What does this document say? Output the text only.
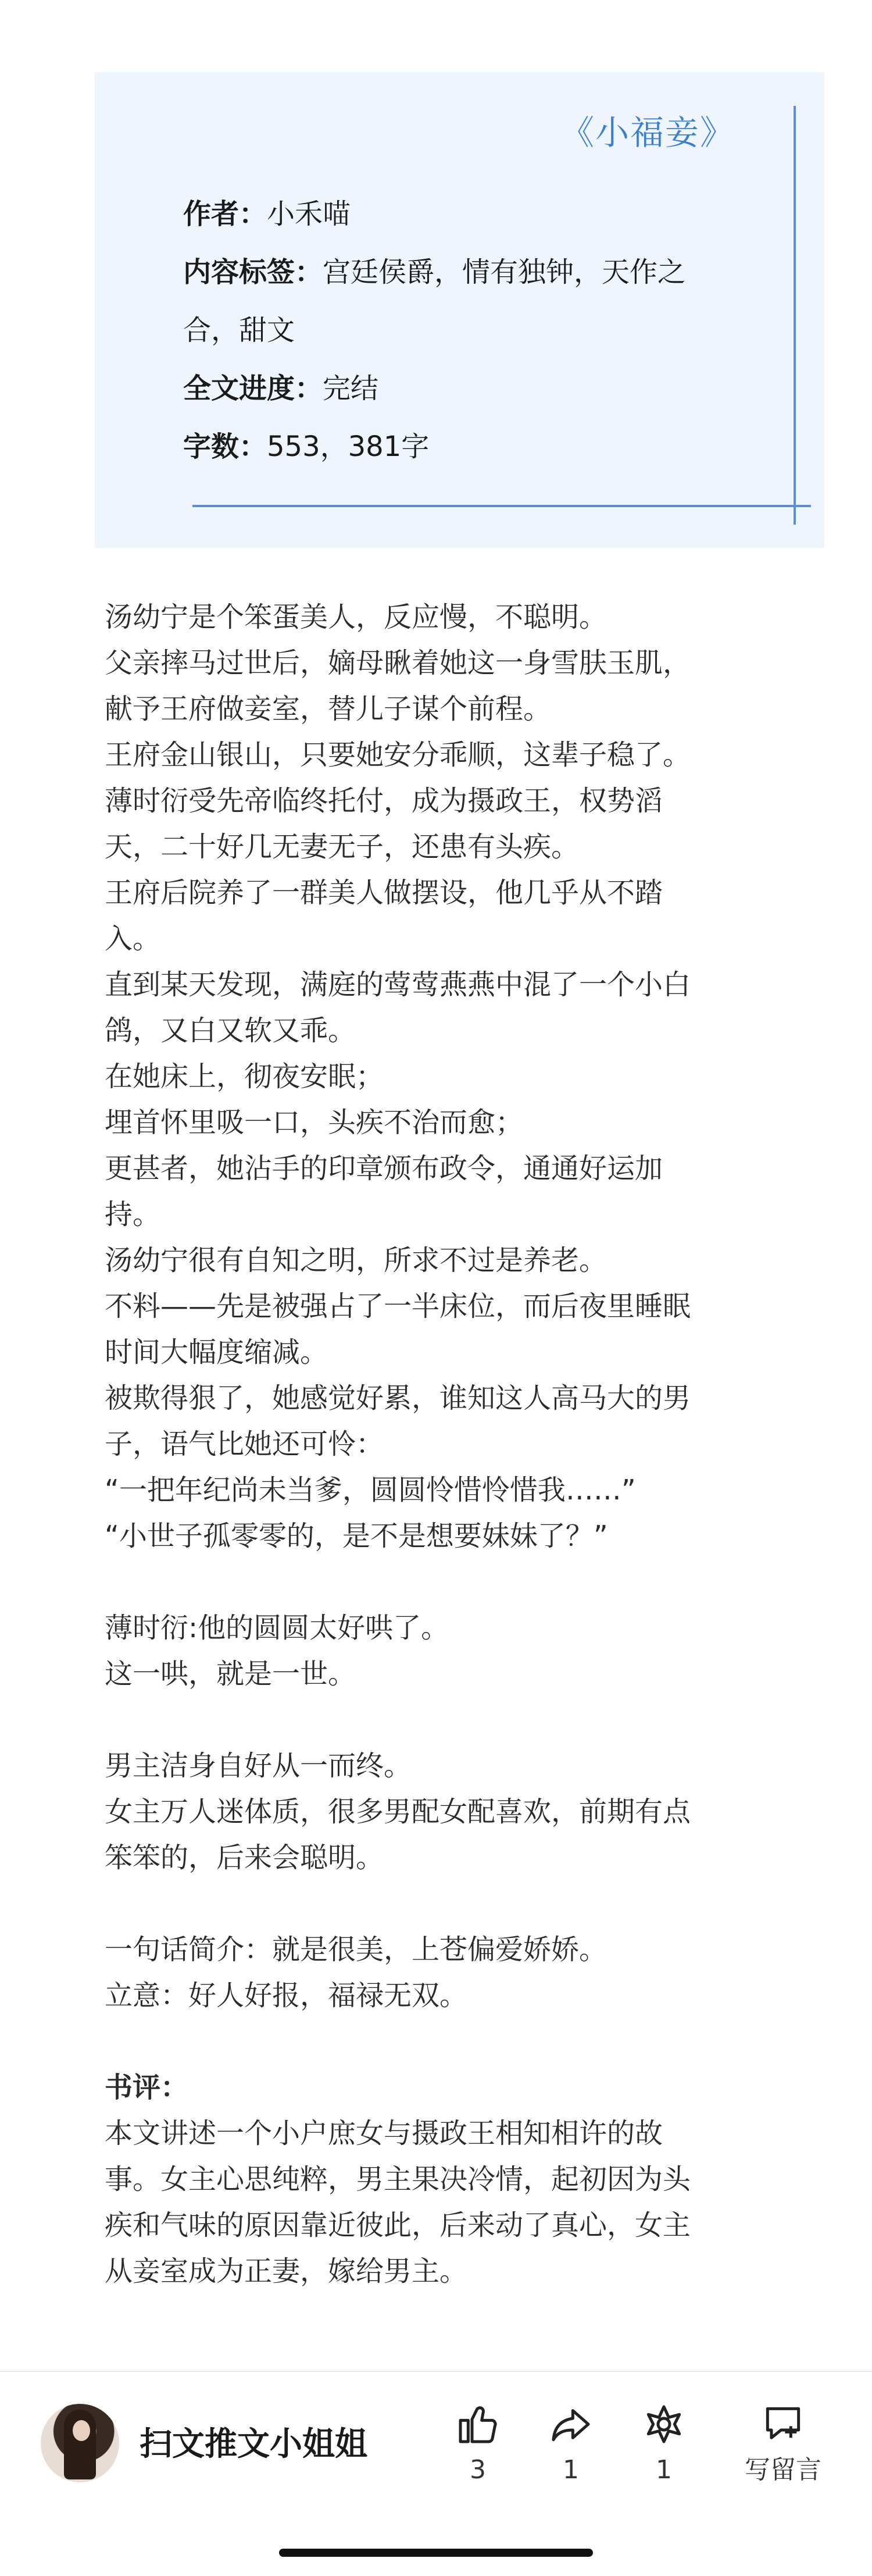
《小福妾》

作者：小禾喵

内容标签：宫廷侯爵，情有独钟，天作之

合，甜文

全文进度：完结

字数：553，381字

汤幼宁是个笨蛋美人，反应慢，不聪明。

父亲摔马过世后，嫡母瞅着她这一身雪肤玉肌，

献予王府做妾室，替儿子谋个前程。

王府金山银山，只要她安分乖顺，这辈子稳了。

薄时衍受先帝临终托付，成为摄政王，权势滔

天，二十好几无妻无子，还患有头疾。

王府后院养了一群美人做摆设，他几乎从不踏

入。

直到某天发现，满庭的莺莺燕燕中混了一个小白

鸽，又白又软又乖。

在她床上，彻夜安眠；

埋首怀里吸一口，头疾不治而愈；

更甚者，她沾手的印章颁布政令，通通好运加

持。

汤幼宁很有自知之明，所求不过是养老。

不料——先是被强占了一半床位，而后夜里睡眠

时间大幅度缩减。

被欺得狠了，她感觉好累，谁知这人高马大的男

子，语气比她还可怜：

“一把年纪尚未当爹，圆圆怜惜怜惜我……”

“小世子孤零零的，是不是想要妹妹了？”

薄时衍:他的圆圆太好哄了。

这一哄，就是一世。

男主洁身自好从一而终。

女主万人迷体质，很多男配女配喜欢，前期有点

笨笨的，后来会聪明。

一句话简介：就是很美，上苍偏爱娇娇。

立意：好人好报，福禄无双。

书评：

本文讲述一个小户庶女与摄政王相知相许的故

事。女主心思纯粹，男主果决冷情，起初因为头

疾和气味的原因靠近彼此，后来动了真心，女主

从妾室成为正妻，嫁给男主。

扫文推文小姐姐
3	1	1	写留言
